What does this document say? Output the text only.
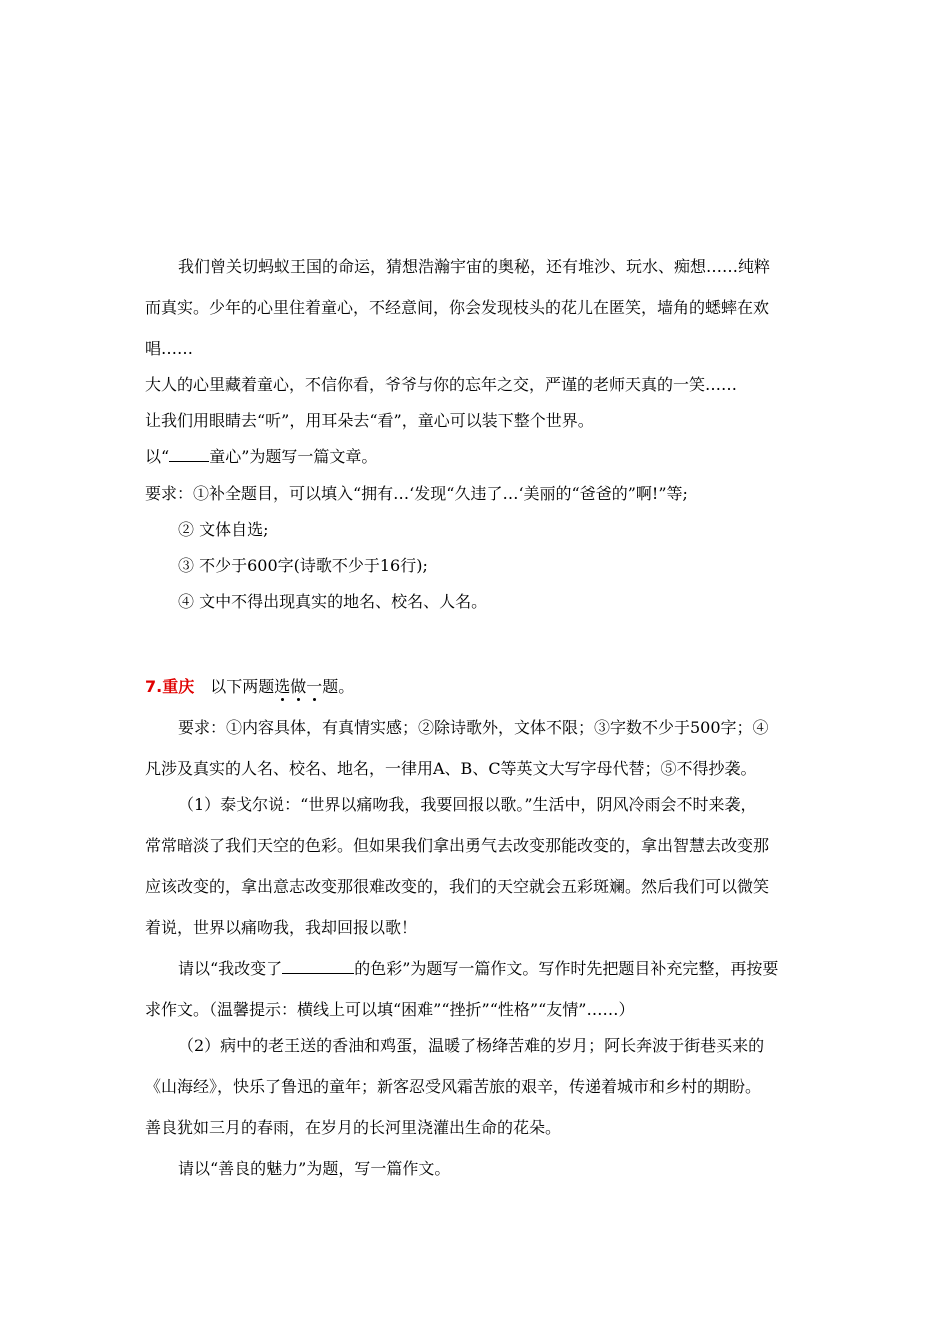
我们曾关切蚂蚁王国的命运，猜想浩瀚宇宙的奥秘，还有堆沙、玩水、痴想……纯粹

而真实。少年的心里住着童心，不经意间，你会发现枝头的花儿在匿笑，墙角的蟋蟀在欢

唱……

大人的心里藏着童心，不信你看，爷爷与你的忘年之交，严谨的老师天真的一笑……

让我们用眼睛去“听”，用耳朵去“看”，童心可以装下整个世界。

以“	童心”为题写一篇文章。

要求：①补全题目，可以填入“拥有…‘发现“久违了…‘美丽的“爸爸的”啊!”等;

② 文体自选;

③ 不少于600字(诗歌不少于16行);

④ 文中不得出现真实的地名、校名、人名。

7.重庆 以下两题选做一题。

要求：①内容具体，有真情实感；②除诗歌外，文体不限；③字数不少于500字；④

凡涉及真实的人名、校名、地名，一律用A、B、C等英文大写字母代替；⑤不得抄袭。

（1）泰戈尔说：“世界以痛吻我，我要回报以歌。”生活中，阴风冷雨会不时来袭，

常常暗淡了我们天空的色彩。但如果我们拿出勇气去改变那能改变的，拿出智慧去改变那

应该改变的，拿出意志改变那很难改变的，我们的天空就会五彩斑斓。然后我们可以微笑

着说，世界以痛吻我，我却回报以歌！

请以“我改变了	的色彩”为题写一篇作文。写作时先把题目补充完整，再按要

求作文。（温馨提示：横线上可以填“困难”“挫折”“性格”“友情”……）

（2）病中的老王送的香油和鸡蛋，温暖了杨绛苦难的岁月；阿长奔波于街巷买来的

《山海经》，快乐了鲁迅的童年；新客忍受风霜苦旅的艰辛，传递着城市和乡村的期盼。

善良犹如三月的春雨，在岁月的长河里浇灌出生命的花朵。

请以“善良的魅力”为题，写一篇作文。
